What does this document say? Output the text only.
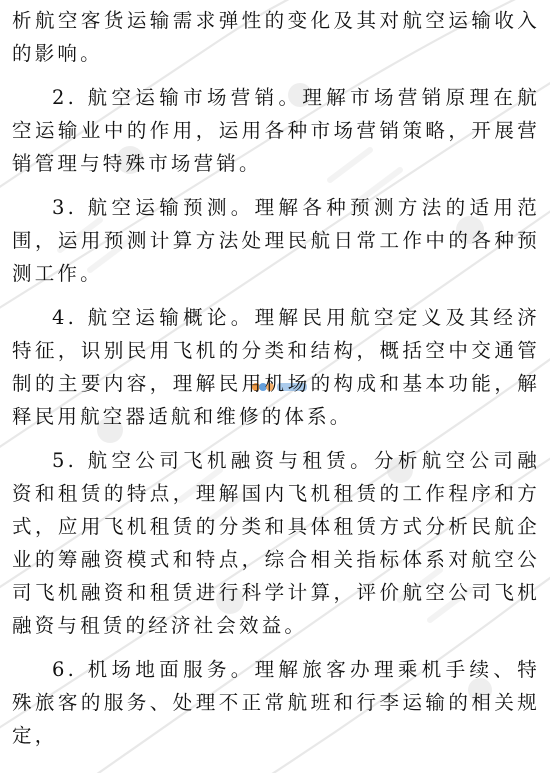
析航空客货运输需求弹性的变化及其对航空运输收入的影响。

2. 航空运输市场营销。理解市场营销原理在航空运输业中的作用，运用各种市场营销策略，开展营销管理与特殊市场营销。

3. 航空运输预测。理解各种预测方法的适用范围，运用预测计算方法处理民航日常工作中的各种预测工作。

4. 航空运输概论。理解民用航空定义及其经济特征，识别民用飞机的分类和结构，概括空中交通管制的主要内容，理解民用机场的构成和基本功能，解释民用航空器适航和维修的体系。

5. 航空公司飞机融资与租赁。分析航空公司融资和租赁的特点，理解国内飞机租赁的工作程序和方式，应用飞机租赁的分类和具体租赁方式分析民航企业的筹融资模式和特点，综合相关指标体系对航空公司飞机融资和租赁进行科学计算，评价航空公司飞机融资与租赁的经济社会效益。

6. 机场地面服务。理解旅客办理乘机手续、特殊旅客的服务、处理不正常航班和行李运输的相关规定，
